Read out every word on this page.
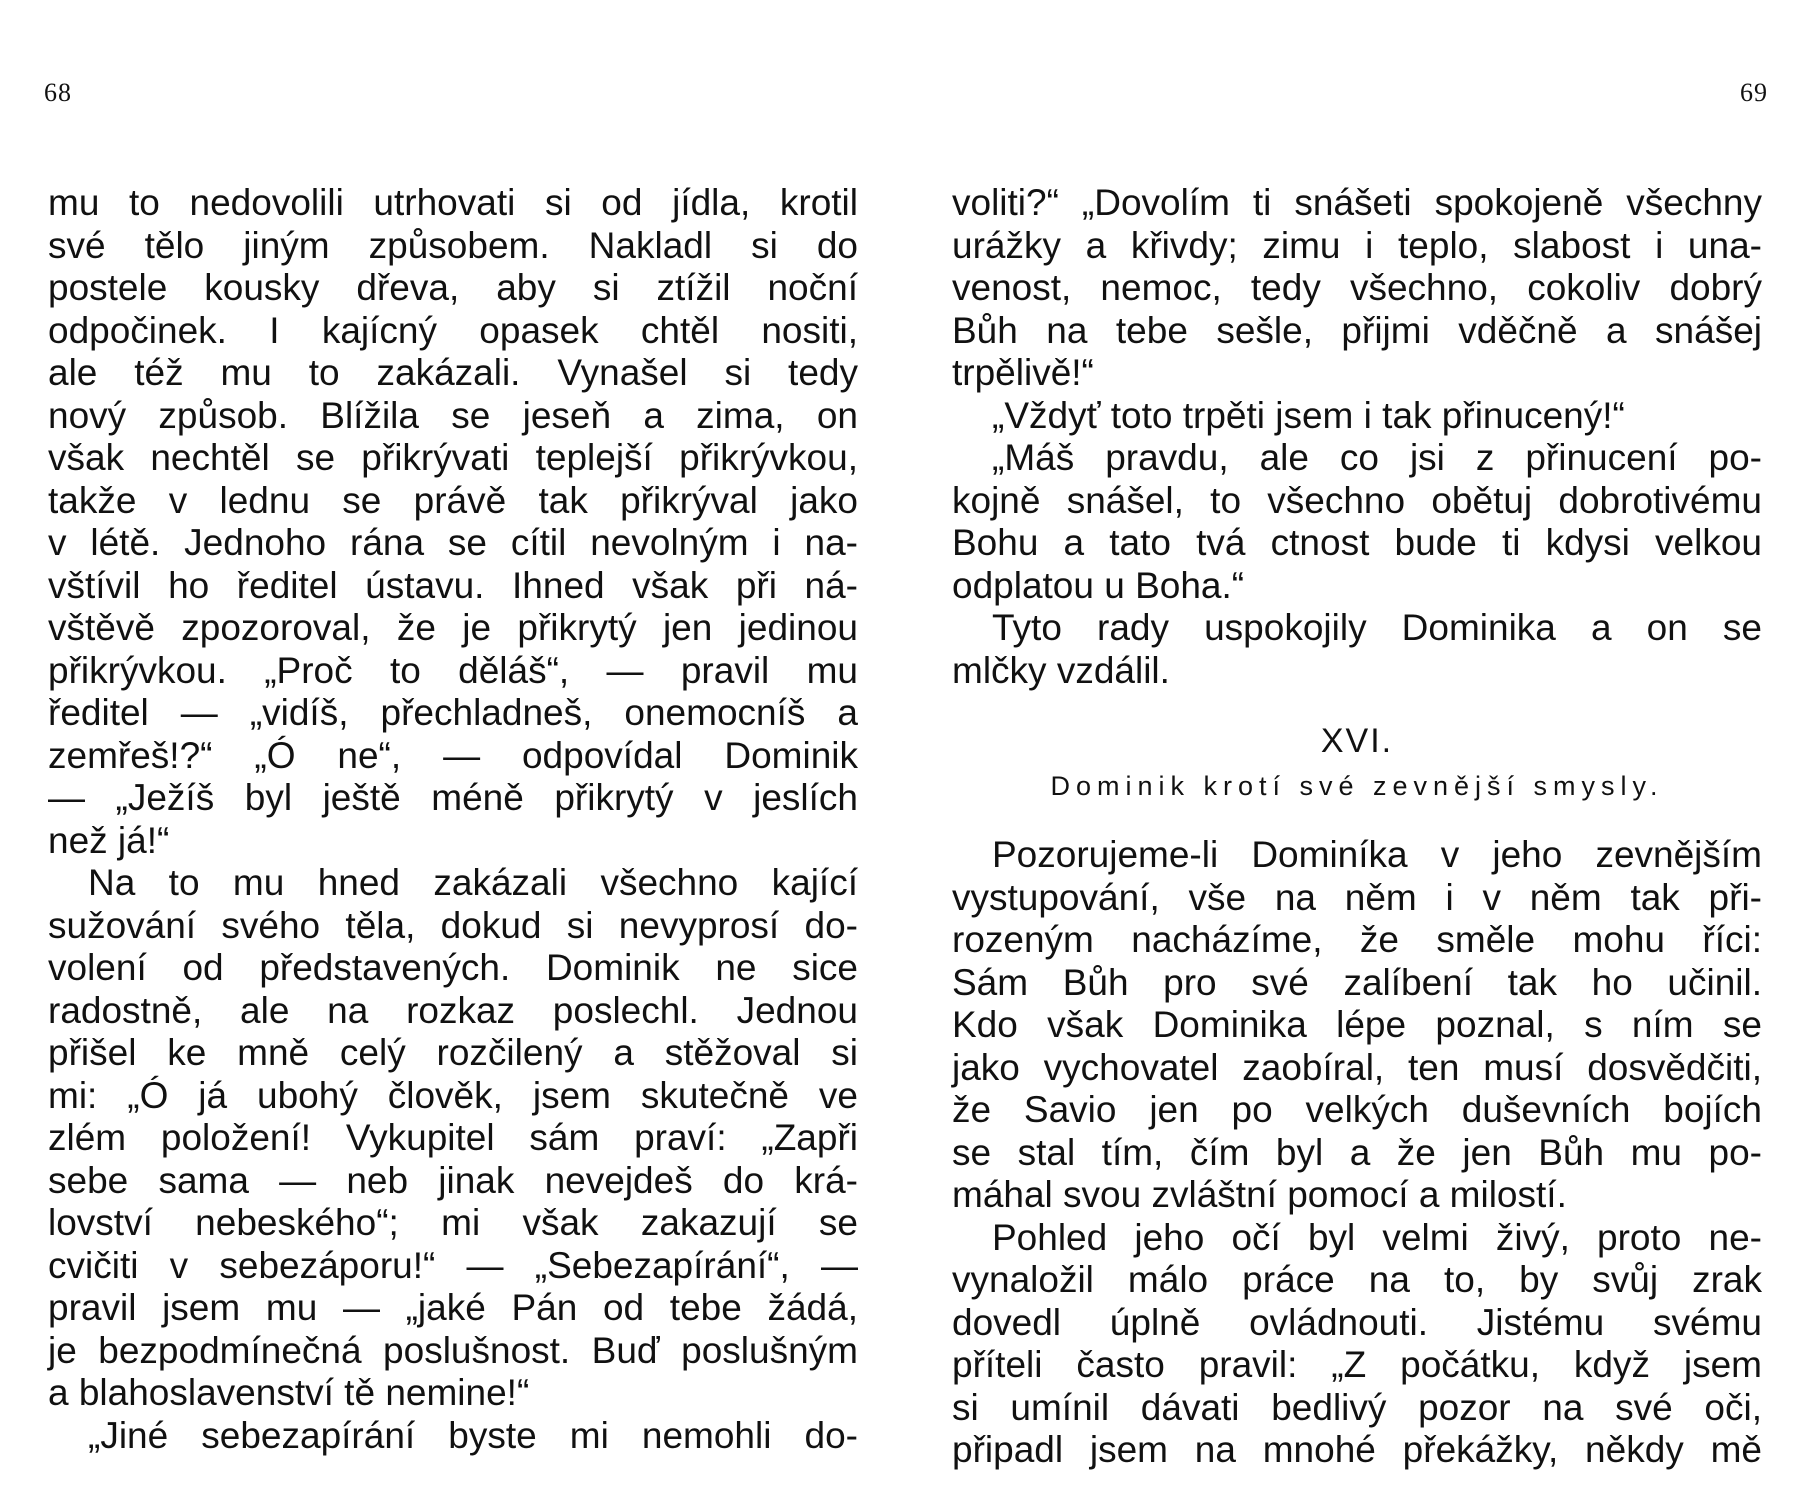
68	69
mu to nedovolili utrhovati si od jídla, krotil
své tělo jiným způsobem. Nakladl si do
postele kousky dřeva, aby si ztížil noční
odpočinek. I kajícný opasek chtěl nositi,
ale též mu to zakázali. Vynašel si tedy
nový způsob. Blížila se jeseň a zima, on
však nechtěl se přikrývati teplejší přikrývkou,
takže v lednu se právě tak přikrýval jako
v létě. Jednoho rána se cítil nevolným i na-
vštívil ho ředitel ústavu. Ihned však při ná-
vštěvě zpozoroval, že je přikrytý jen jedinou
přikrývkou. „Proč to děláš“, — pravil mu
ředitel — „vidíš, přechladneš, onemocníš a
zemřeš!?“ „Ó ne“, — odpovídal Dominik
— „Ježíš byl ještě méně přikrytý v jeslích
než já!“
Na to mu hned zakázali všechno kající
sužování svého těla, dokud si nevyprosí do-
volení od představených. Dominik ne sice
radostně, ale na rozkaz poslechl. Jednou
přišel ke mně celý rozčilený a stěžoval si
mi: „Ó já ubohý člověk, jsem skutečně ve
zlém položení! Vykupitel sám praví: „Zapři
sebe sama — neb jinak nevejdeš do krá-
lovství nebeského“; mi však zakazují se
cvičiti v sebezáporu!“ — „Sebezapírání“, —
pravil jsem mu — „jaké Pán od tebe žádá,
je bezpodmínečná poslušnost. Buď poslušným
a blahoslavenství tě nemine!“
„Jiné sebezapírání byste mi nemohli do-
voliti?“ „Dovolím ti snášeti spokojeně všechny
urážky a křivdy; zimu i teplo, slabost i una-
venost, nemoc, tedy všechno, cokoliv dobrý
Bůh na tebe sešle, přijmi vděčně a snášej
trpělivě!“
„Vždyť toto trpěti jsem i tak přinucený!“
„Máš pravdu, ale co jsi z přinucení po-
kojně snášel, to všechno obětuj dobrotivému
Bohu a tato tvá ctnost bude ti kdysi velkou
odplatou u Boha.“
Tyto rady uspokojily Dominika a on se
mlčky vzdálil.
XVI.
Dominik krotí své zevnější smysly.
Pozorujeme-li Dominíka v jeho zevnějším
vystupování, vše na něm i v něm tak při-
rozeným nacházíme, že směle mohu říci:
Sám Bůh pro své zalíbení tak ho učinil.
Kdo však Dominika lépe poznal, s ním se
jako vychovatel zaobíral, ten musí dosvědčiti,
že Savio jen po velkých duševních bojích
se stal tím, čím byl a že jen Bůh mu po-
máhal svou zvláštní pomocí a milostí.
Pohled jeho očí byl velmi živý, proto ne-
vynaložil málo práce na to, by svůj zrak
dovedl úplně ovládnouti. Jistému svému
příteli často pravil: „Z počátku, když jsem
si umínil dávati bedlivý pozor na své oči,
připadl jsem na mnohé překážky, někdy mě
